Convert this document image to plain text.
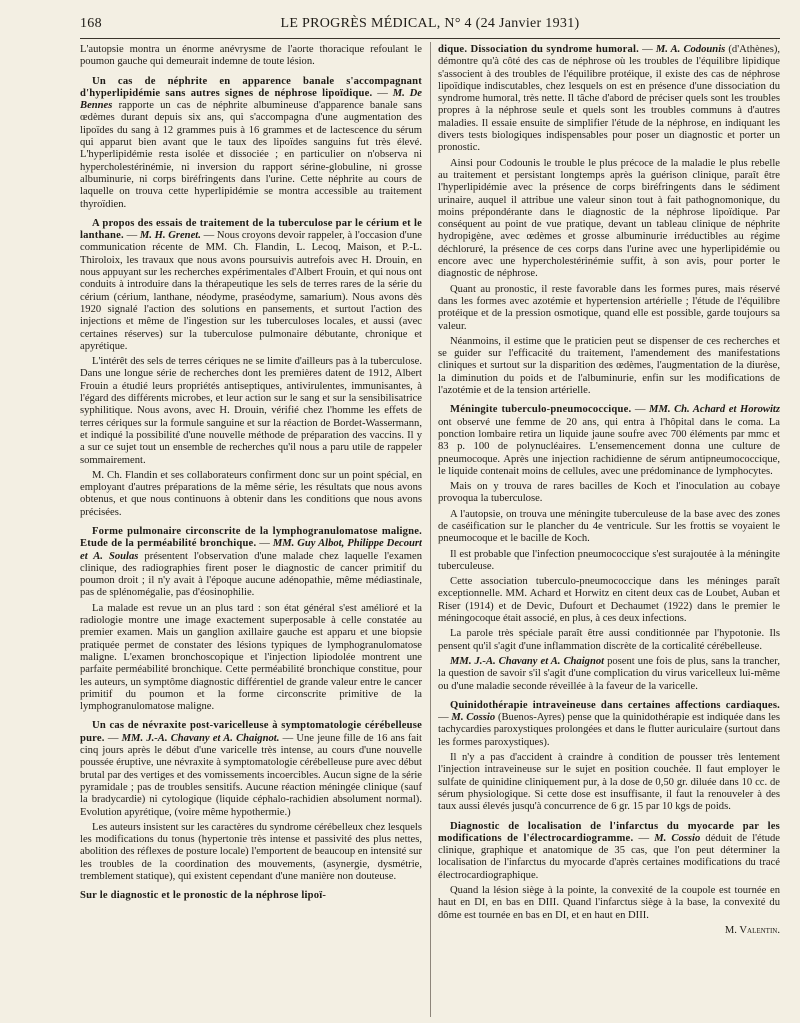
168	LE PROGRÈS MÉDICAL, N° 4 (24 Janvier 1931)

L'autopsie montra un énorme anévrysme de l'aorte thoracique refoulant le poumon gauche qui demeurait indemne de toute lésion.

Un cas de néphrite en apparence banale s'accompagnant d'hyperlipidémie sans autres signes de néphrose lipoïdique. — M. De Bennes rapporte un cas de néphrite albumineuse d'apparence banale sans œdèmes durant depuis six ans, qui s'accompagna d'une augmentation des lipoïdes du sang à 12 grammes puis à 16 grammes et de lactescence du sérum qui apparut bien avant que le taux des lipoïdes sanguins fut très élevé. L'hyperlipidémie resta isolée et dissociée ; en particulier on n'observa ni hypercholestérinémie, ni inversion du rapport sérine-globuline, ni grosse albuminurie, ni corps biréfringents dans l'urine. Cette néphrite au cours de laquelle on trouva cette hyperlipidémie se montra accessible au traitement thyroïdien.

A propos des essais de traitement de la tuberculose par le cérium et le lanthane. — M. H. Grenet. — Nous croyons devoir rappeler, à l'occasion d'une communication récente de MM. Ch. Flandin, L. Lecoq, Maison, et P.-L. Thiroloix, les travaux que nous avons poursuivis autrefois avec H. Drouin, en nous appuyant sur les recherches expérimentales d'Albert Frouin, et qui nous ont conduits à introduire dans la thérapeutique les sels de terres rares de la série du cérium (cérium, lanthane, néodyme, praséodyme, samarium). Nous avons dès 1920 signalé l'action des solutions en pansements, et surtout l'action des injections et même de l'ingestion sur les tuberculoses locales, et aussi (avec certaines réserves) sur la tuberculose pulmonaire débutante, chronique et apyrétique.

L'intérêt des sels de terres cériques ne se limite d'ailleurs pas à la tuberculose. Dans une longue série de recherches dont les premières datent de 1912, Albert Frouin a étudié leurs propriétés antiseptiques, antivirulentes, immunisantes, à l'égard des différents microbes, et leur action sur le sang et sur la sensibilisatrice syphilitique. Nous avons, avec H. Drouin, vérifié chez l'homme les effets de terres cériques sur la formule sanguine et sur la réaction de Bordet-Wassermann, et indiqué la possibilité d'une nouvelle méthode de préparation des vaccins. Il y a sur ce sujet tout un ensemble de recherches qu'il nous a paru utile de rappeler sommairement.

M. Ch. Flandin et ses collaborateurs confirment donc sur un point spécial, en employant d'autres préparations de la même série, les résultats que nous avons obtenus, et que nous continuons à obtenir dans les conditions que nous avons précisées.

Forme pulmonaire circonscrite de la lymphogranulomatose maligne. Etude de la perméabilité bronchique. — MM. Guy Albot, Philippe Decourt et A. Soulas présentent l'observation d'une malade chez laquelle l'examen clinique, des radiographies firent poser le diagnostic de cancer primitif du poumon droit ; il n'y avait à l'époque aucune adénopathie, même médiastinale, pas de splénomégalie, pas d'éosinophilie.

La malade est revue un an plus tard : son état général s'est amélioré et la radiologie montre une image exactement superposable à celle constatée au premier examen. Mais un ganglion axillaire gauche est apparu et une biopsie pratiquée permet de constater des lésions typiques de lymphogranulomatose maligne. L'examen bronchoscopique et l'injection lipiodolée montrent une parfaite perméabilité bronchique. Cette perméabilité bronchique constitue, pour les auteurs, un symptôme diagnostic différentiel de grande valeur entre le cancer primitif du poumon et la forme circonscrite primitive de la lymphogranulomatose maligne.

Un cas de névraxite post-varicelleuse à symptomatologie cérébelleuse pure. — MM. J.-A. Chavany et A. Chaignot. — Une jeune fille de 16 ans fait cinq jours après le début d'une varicelle très intense, au cours d'une nouvelle poussée éruptive, une névraxite à symptomatologie cérébelleuse pure avec début brutal par des vertiges et des vomissements incoercibles. Aucun signe de la série pyramidale ; pas de troubles sensitifs. Aucune réaction méningée clinique (sauf la bradycardie) ni cytologique (liquide céphalo-rachidien absolument normal). Evolution apyrétique, (voire même hypothermie.)

Les auteurs insistent sur les caractères du syndrome cérébelleux chez lesquels les modifications du tonus (hypertonie très intense et passivité des plus nettes, abolition des réflexes de posture locale) l'emportent de beaucoup en intensité sur les troubles de la coordination des mouvements, (asynergie, dysmétrie, tremblement statique), qui existent cependant d'une manière non douteuse.

Sur le diagnostic et le pronostic de la néphrose lipoï-

dique. Dissociation du syndrome humoral. — M. A. Codounis (d'Athènes), démontre qu'à côté des cas de néphrose où les troubles de l'équilibre lipidique s'associent à des troubles de l'équilibre protéique, il existe des cas de néphrose lipoïdique indiscutables, chez lesquels on est en présence d'une dissociation du syndrome humoral, très nette. Il tâche d'abord de préciser quels sont les troubles propres à la néphrose seule et quels sont les troubles communs à d'autres maladies. Il essaie ensuite de simplifier l'étude de la néphrose, en indiquant les divers tests biologiques indispensables pour poser un diagnostic et porter un pronostic.

Ainsi pour Codounis le trouble le plus précoce de la maladie le plus rebelle au traitement et persistant longtemps après la guérison clinique, paraît être l'hyperlipidémie avec la présence de corps biréfringents dans le sédiment urinaire, auquel il attribue une valeur sinon tout à fait pathognomonique, du moins prépondérante dans le diagnostic de la néphrose lipoïdique. Par conséquent au point de vue pratique, devant un tableau clinique de néphrite hydropigène, avec œdèmes et grosse albuminurie irréductibles au régime déchloruré, la présence de ces corps dans l'urine avec une hyperlipidémie ou encore avec une hypercholestérinémie suffit, à son avis, pour porter le diagnostic de néphrose.

Quant au pronostic, il reste favorable dans les formes pures, mais réservé dans les formes avec azotémie et hypertension artérielle ; l'étude de l'équilibre protéique et de la pression osmotique, quand elle est possible, garde toujours sa valeur.

Néanmoins, il estime que le praticien peut se dispenser de ces recherches et se guider sur l'efficacité du traitement, l'amendement des manifestations cliniques et surtout sur la disparition des œdèmes, l'augmentation de la diurèse, la diminution du poids et de l'albuminurie, enfin sur les modifications de l'azotémie et de la tension artérielle.

Méningite tuberculo-pneumococcique. — MM. Ch. Achard et Horowitz ont observé une femme de 20 ans, qui entra à l'hôpital dans le coma. La ponction lombaire retira un liquide jaune soufre avec 700 éléments par mmc et 83 p. 100 de polynucléaires. L'ensemencement donna une culture de pneumocoque. Après une injection rachidienne de sérum antipneumococcique, le liquide contenait moins de cellules, avec une prédominance de lymphocytes.

Mais on y trouva de rares bacilles de Koch et l'inoculation au cobaye provoqua la tuberculose.

A l'autopsie, on trouva une méningite tuberculeuse de la base avec des zones de caséification sur le plancher du 4e ventricule. Sur les frottis se voyaient le pneumocoque et le bacille de Koch.

Il est probable que l'infection pneumococcique s'est surajoutée à la méningite tuberculeuse.

Cette association tuberculo-pneumococcique dans les méninges paraît exceptionnelle. MM. Achard et Horwitz en citent deux cas de Loubet, Auban et Riser (1914) et de Devic, Dufourt et Dechaumet (1922) dans le premier le méningocoque était associé, en plus, à ces deux infections.

La parole très spéciale paraît être aussi conditionnée par l'hypotonie. Ils pensent qu'il s'agit d'une inflammation discrète de la corticalité cérébelleuse.

MM. J.-A. Chavany et A. Chaignot posent une fois de plus, sans la trancher, la question de savoir s'il s'agit d'une complication du virus varicelleux lui-même ou d'une maladie seconde réveillée à la faveur de la varicelle.

Quinidothérapie intraveineuse dans certaines affections cardiaques. — M. Cossio (Buenos-Ayres) pense que la quinidothérapie est indiquée dans les tachycardies paroxystiques prolongées et dans le flutter auriculaire (surtout dans les formes paroxystiques).

Il n'y a pas d'accident à craindre à condition de pousser très lentement l'injection intraveineuse sur le sujet en position couchée. Il faut employer le sulfate de quinidine cliniquement pur, à la dose de 0,50 gr. diluée dans 10 cc. de sérum physiologique. Si cette dose est insuffisante, il faut la renouveler à des taux aussi élevés jusqu'à concurrence de 6 gr. 15 par 10 kgs de poids.

Diagnostic de localisation de l'infarctus du myocarde par les modifications de l'électrocardiogramme. — M. Cossio déduit de l'étude clinique, graphique et anatomique de 35 cas, que l'on peut déterminer la localisation de l'infarctus du myocarde d'après certaines modifications du tracé électrocardiographique.

Quand la lésion siège à la pointe, la convexité de la coupole est tournée en haut en DI, en bas en DIII. Quand l'infarctus siège à la base, la convexité du dôme est tournée en bas en DI, et en haut en DIII.

M. Valentin.
